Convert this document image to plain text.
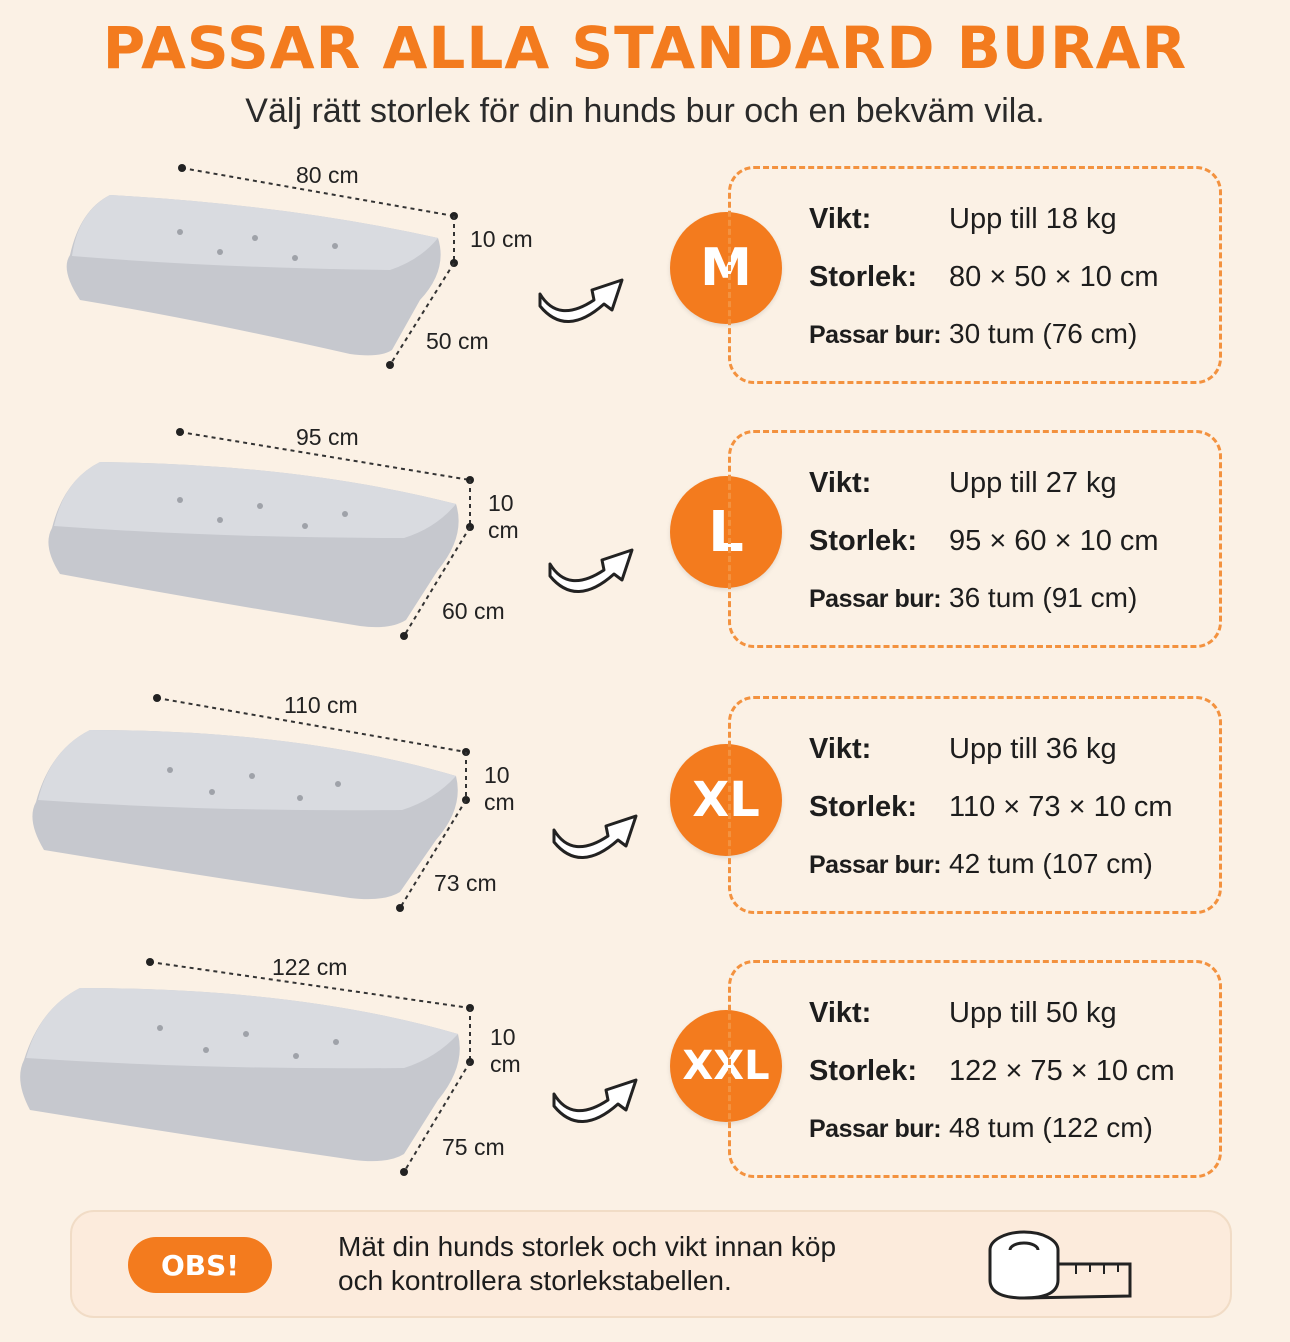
PASSAR ALLA STANDARD BURAR
Välj rätt storlek för din hunds bur och en bekväm vila.
80 cm
10 cm
50 cm
M
Vikt:	Upp till 18 kg
Storlek: 80 × 50 × 10 cm
Passar bur: 30 tum (76 cm)
95 cm
10 cm
60 cm
L
Vikt:	Upp till 27 kg
Storlek: 95 × 60 × 10 cm
Passar bur: 36 tum (91 cm)
110 cm
10 cm
73 cm
XL
Vikt:	Upp till 36 kg
Storlek: 110 × 73 × 10 cm
Passar bur: 42 tum (107 cm)
122 cm
10 cm
75 cm
XXL
Vikt:	Upp till 50 kg
Storlek: 122 × 75 × 10 cm
Passar bur: 48 tum (122 cm)
OBS!
Mät din hunds storlek och vikt innan köp
och kontrollera storlekstabellen.
